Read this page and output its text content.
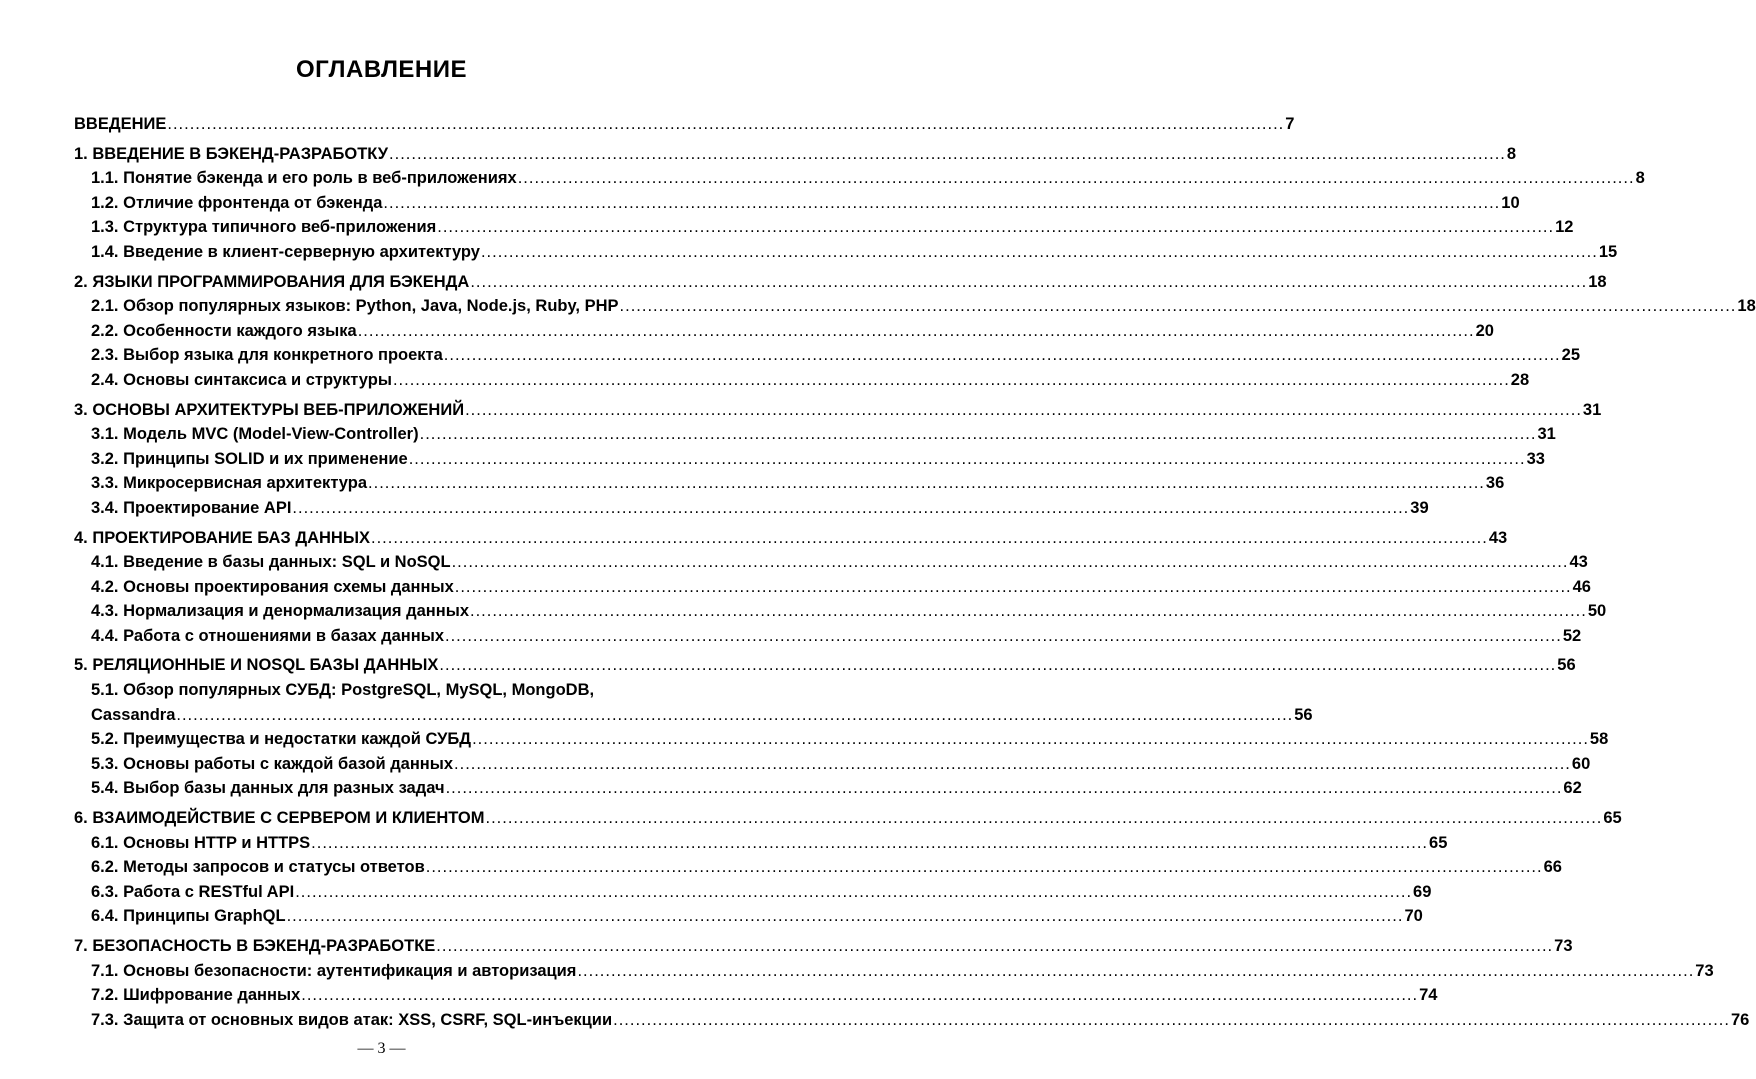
ОГЛАВЛЕНИЕ
ВВЕДЕНИЕ .....	7
1. ВВЕДЕНИЕ В БЭКЕНД-РАЗРАБОТКУ .....	8
1.1. Понятие бэкенда и его роль в веб-приложениях .....	8
1.2. Отличие фронтенда от бэкенда .....	10
1.3. Структура типичного веб-приложения .....	12
1.4. Введение в клиент-серверную архитектуру .....	15
2. ЯЗЫКИ ПРОГРАММИРОВАНИЯ ДЛЯ БЭКЕНДА .....	18
2.1. Обзор популярных языков: Python, Java, Node.js, Ruby, PHP .....	18
2.2. Особенности каждого языка .....	20
2.3. Выбор языка для конкретного проекта .....	25
2.4. Основы синтаксиса и структуры .....	28
3. ОСНОВЫ АРХИТЕКТУРЫ ВЕБ-ПРИЛОЖЕНИЙ .....	31
3.1. Модель MVC (Model-View-Controller) .....	31
3.2. Принципы SOLID и их применение .....	33
3.3. Микросервисная архитектура .....	36
3.4. Проектирование API .....	39
4. ПРОЕКТИРОВАНИЕ БАЗ ДАННЫХ .....	43
4.1. Введение в базы данных: SQL и NoSQL .....	43
4.2. Основы проектирования схемы данных .....	46
4.3. Нормализация и денормализация данных .....	50
4.4. Работа с отношениями в базах данных .....	52
5. РЕЛЯЦИОННЫЕ И NOSQL БАЗЫ ДАННЫХ .....	56
5.1. Обзор популярных СУБД: PostgreSQL, MySQL, MongoDB,
Cassandra .....	56
5.2. Преимущества и недостатки каждой СУБД .....	58
5.3. Основы работы с каждой базой данных .....	60
5.4. Выбор базы данных для разных задач .....	62
6. ВЗАИМОДЕЙСТВИЕ С СЕРВЕРОМ И КЛИЕНТОМ .....	65
6.1. Основы HTTP и HTTPS .....	65
6.2. Методы запросов и статусы ответов .....	66
6.3. Работа с RESTful API .....	69
6.4. Принципы GraphQL .....	70
7. БЕЗОПАСНОСТЬ В БЭКЕНД-РАЗРАБОТКЕ .....	73
7.1. Основы безопасности: аутентификация и авторизация .....	73
7.2. Шифрование данных .....	74
7.3. Защита от основных видов атак: XSS, CSRF, SQL-инъекции .....	76
— 3 —
